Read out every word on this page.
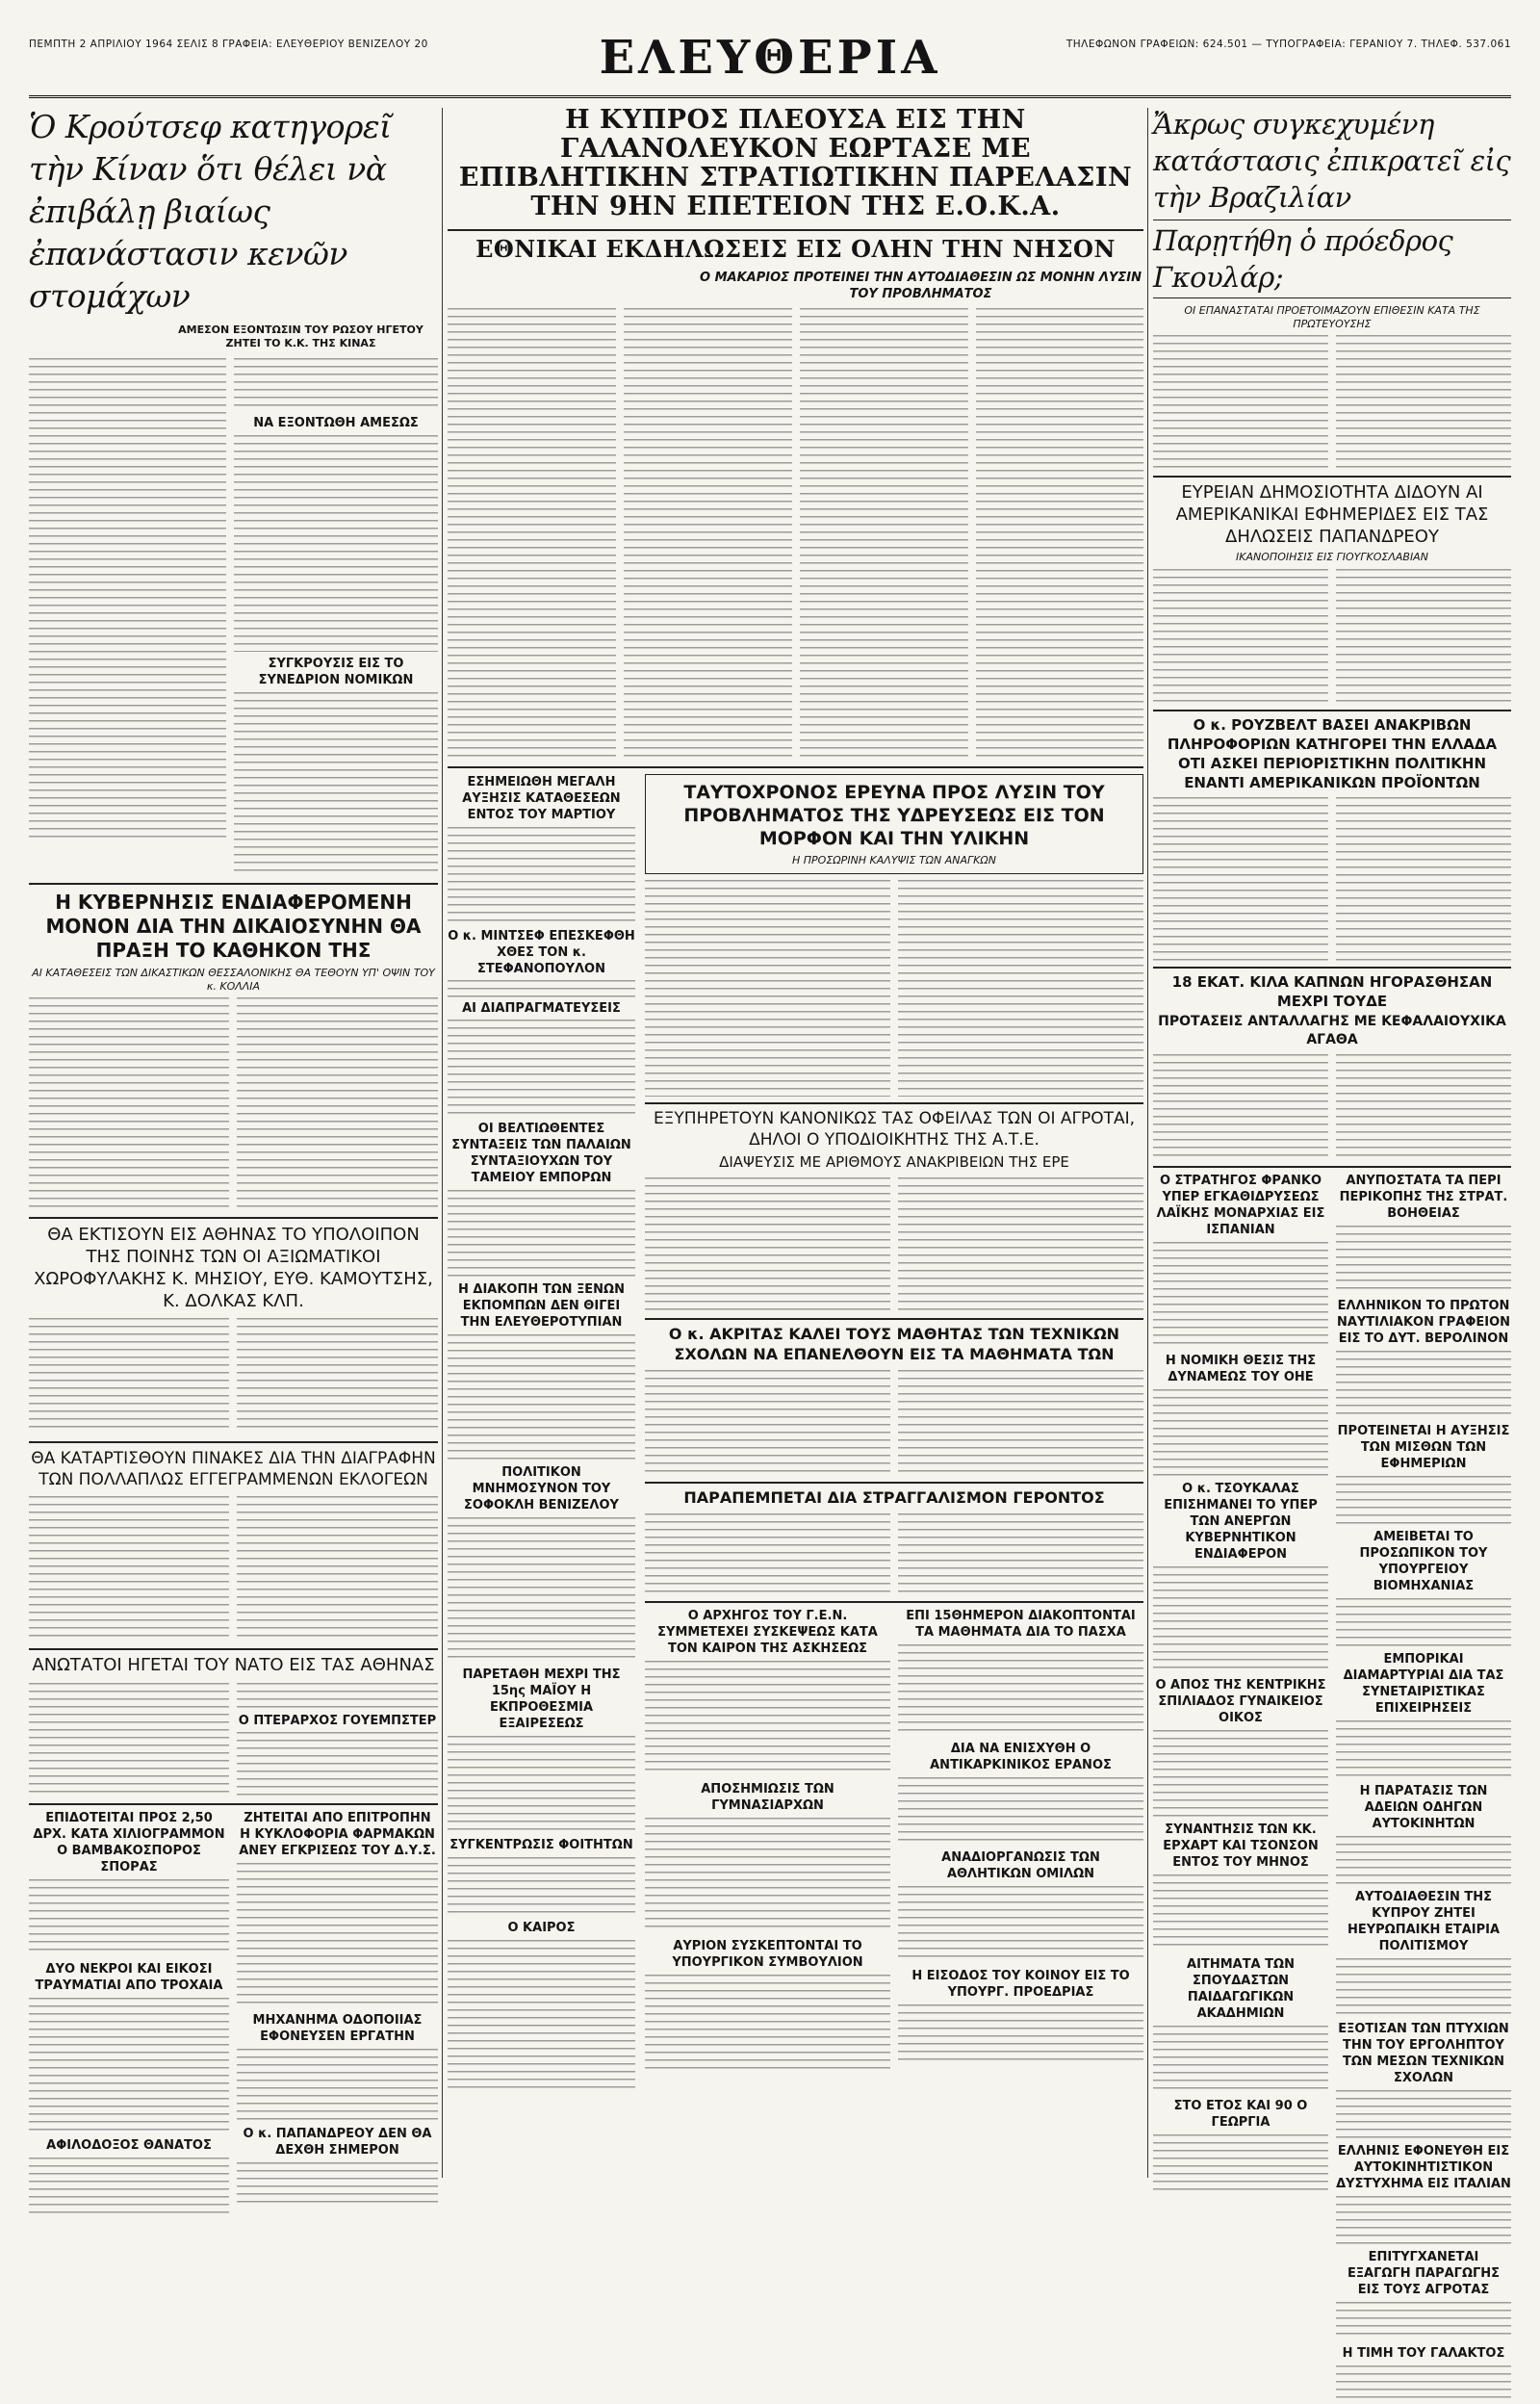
ΠΕΜΠΤΗ 2 ΑΠΡΙΛΙΟΥ 1964 ΣΕΛΙΣ 8 ΓΡΑΦΕΙΑ: ΕΛΕΥΘΕΡΙΟΥ ΒΕΝΙΖΕΛΟΥ 20	ΕΛΕΥΘΕΡΙΑ	ΤΗΛΕΦΩΝΟΝ ΓΡΑΦΕΙΩΝ: 624.501 — ΤΥΠΟΓΡΑΦΕΙΑ: ΓΕΡΑΝΙΟΥ 7. ΤΗΛΕΦ. 537.061
Ὁ Κρούτσεφ κατηγορεῖ τὴν Κίναν ὅτι θέλει νὰ ἐπιβάλῃ βιαίως ἐπανάστασιν κενῶν στομάχων
ΑΜΕΣΟΝ ΕΞΟΝΤΩΣΙΝ ΤΟΥ ΡΩΣΟΥ ΗΓΕΤΟΥ ΖΗΤΕΙ ΤΟ Κ.Κ. ΤΗΣ ΚΙΝΑΣ
ΝΑ ΕΞΟΝΤΩΘΗ ΑΜΕΣΩΣ
ΣΥΓΚΡΟΥΣΙΣ ΕΙΣ ΤΟ ΣΥΝΕΔΡΙΟΝ ΝΟΜΙΚΩΝ
Η ΚΥΒΕΡΝΗΣΙΣ ΕΝΔΙΑΦΕΡΟΜΕΝΗ ΜΟΝΟΝ ΔΙΑ ΤΗΝ ΔΙΚΑΙΟΣΥΝΗΝ ΘΑ ΠΡΑΞΗ ΤΟ ΚΑΘΗΚΟΝ ΤΗΣ
ΑΙ ΚΑΤΑΘΕΣΕΙΣ ΤΩΝ ΔΙΚΑΣΤΙΚΩΝ ΘΕΣΣΑΛΟΝΙΚΗΣ ΘΑ ΤΕΘΟΥΝ ΥΠ' ΟΨΙΝ ΤΟΥ κ. ΚΟΛΛΙΑ
ΘΑ ΕΚΤΙΣΟΥΝ ΕΙΣ ΑΘΗΝΑΣ ΤΟ ΥΠΟΛΟΙΠΟΝ ΤΗΣ ΠΟΙΝΗΣ ΤΩΝ ΟΙ ΑΞΙΩΜΑΤΙΚΟΙ ΧΩΡΟΦΥΛΑΚΗΣ Κ. ΜΗΣΙΟΥ, ΕΥΘ. ΚΑΜΟΥΤΣΗΣ, Κ. ΔΟΛΚΑΣ ΚΛΠ.
ΘΑ ΚΑΤΑΡΤΙΣΘΟΥΝ ΠΙΝΑΚΕΣ ΔΙΑ ΤΗΝ ΔΙΑΓΡΑΦΗΝ ΤΩΝ ΠΟΛΛΑΠΛΩΣ ΕΓΓΕΓΡΑΜΜΕΝΩΝ ΕΚΛΟΓΕΩΝ
ΑΝΩΤΑΤΟΙ ΗΓΕΤΑΙ ΤΟΥ ΝΑΤΟ ΕΙΣ ΤΑΣ ΑΘΗΝΑΣ
Ο ΠΤΕΡΑΡΧΟΣ ΓΟΥΕΜΠΣΤΕΡ
ΕΠΙΔΟΤΕΙΤΑΙ ΠΡΟΣ 2,50 ΔΡΧ. ΚΑΤΑ ΧΙΛΙΟΓΡΑΜΜΟΝ Ο ΒΑΜΒΑΚΟΣΠΟΡΟΣ ΣΠΟΡΑΣ
ΔΥΟ ΝΕΚΡΟΙ ΚΑΙ ΕΙΚΟΣΙ ΤΡΑΥΜΑΤΙΑΙ ΑΠΟ ΤΡΟΧΑΙΑ
ΑΦΙΛΟΔΟΞΟΣ ΘΑΝΑΤΟΣ
ΖΗΤΕΙΤΑΙ ΑΠΟ ΕΠΙΤΡΟΠΗΝ Η ΚΥΚΛΟΦΟΡΙΑ ΦΑΡΜΑΚΩΝ ΑΝΕΥ ΕΓΚΡΙΣΕΩΣ ΤΟΥ Δ.Υ.Σ.
ΜΗΧΑΝΗΜΑ ΟΔΟΠΟΙΙΑΣ ΕΦΟΝΕΥΣΕΝ ΕΡΓΑΤΗΝ
Ο κ. ΠΑΠΑΝΔΡΕΟΥ ΔΕΝ ΘΑ ΔΕΧΘΗ ΣΗΜΕΡΟΝ
Η ΚΥΠΡΟΣ ΠΛΕΟΥΣΑ ΕΙΣ ΤΗΝ ΓΑΛΑΝΟΛΕΥΚΟΝ ΕΩΡΤΑΣΕ ΜΕ ΕΠΙΒΛΗΤΙΚΗΝ ΣΤΡΑΤΙΩΤΙΚΗΝ ΠΑΡΕΛΑΣΙΝ ΤΗΝ 9ΗΝ ΕΠΕΤΕΙΟΝ ΤΗΣ Ε.Ο.Κ.Α.
ΕΘΝΙΚΑΙ ΕΚΔΗΛΩΣΕΙΣ ΕΙΣ ΟΛΗΝ ΤΗΝ ΝΗΣΟΝ
Ο ΜΑΚΑΡΙΟΣ ΠΡΟΤΕΙΝΕΙ ΤΗΝ ΑΥΤΟΔΙΑΘΕΣΙΝ ΩΣ ΜΟΝΗΝ ΛΥΣΙΝ ΤΟΥ ΠΡΟΒΛΗΜΑΤΟΣ
ΕΣΗΜΕΙΩΘΗ ΜΕΓΑΛΗ ΑΥΞΗΣΙΣ ΚΑΤΑΘΕΣΕΩΝ ΕΝΤΟΣ ΤΟΥ ΜΑΡΤΙΟΥ
Ο κ. ΜΙΝΤΣΕΦ ΕΠΕΣΚΕΦΘΗ ΧΘΕΣ ΤΟΝ κ. ΣΤΕΦΑΝΟΠΟΥΛΟΝ
ΑΙ ΔΙΑΠΡΑΓΜΑΤΕΥΣΕΙΣ
ΟΙ ΒΕΛΤΙΩΘΕΝΤΕΣ ΣΥΝΤΑΞΕΙΣ ΤΩΝ ΠΑΛΑΙΩΝ ΣΥΝΤΑΞΙΟΥΧΩΝ ΤΟΥ ΤΑΜΕΙΟΥ ΕΜΠΟΡΩΝ
Η ΔΙΑΚΟΠΗ ΤΩΝ ΞΕΝΩΝ ΕΚΠΟΜΠΩΝ ΔΕΝ ΘΙΓΕΙ ΤΗΝ ΕΛΕΥΘΕΡΟΤΥΠΙΑΝ
ΠΟΛΙΤΙΚΟΝ ΜΝΗΜΟΣΥΝΟΝ ΤΟΥ ΣΟΦΟΚΛΗ ΒΕΝΙΖΕΛΟΥ
ΠΑΡΕΤΑΘΗ ΜΕΧΡΙ ΤΗΣ 15ης ΜΑΪΟΥ Η ΕΚΠΡΟΘΕΣΜΙΑ ΕΞΑΙΡΕΣΕΩΣ
ΣΥΓΚΕΝΤΡΩΣΙΣ ΦΟΙΤΗΤΩΝ
Ο ΚΑΙΡΟΣ
ΤΑΥΤΟΧΡΟΝΟΣ ΕΡΕΥΝΑ ΠΡΟΣ ΛΥΣΙΝ ΤΟΥ ΠΡΟΒΛΗΜΑΤΟΣ ΤΗΣ ΥΔΡΕΥΣΕΩΣ ΕΙΣ ΤΟΝ ΜΟΡΦΟΝ ΚΑΙ ΤΗΝ ΥΛΙΚΗΝ
Η ΠΡΟΣΩΡΙΝΗ ΚΑΛΥΨΙΣ ΤΩΝ ΑΝΑΓΚΩΝ
ΕΞΥΠΗΡΕΤΟΥΝ ΚΑΝΟΝΙΚΩΣ ΤΑΣ ΟΦΕΙΛΑΣ ΤΩΝ ΟΙ ΑΓΡΟΤΑΙ, ΔΗΛΟΙ Ο ΥΠΟΔΙΟΙΚΗΤΗΣ ΤΗΣ Α.Τ.Ε.
ΔΙΑΨΕΥΣΙΣ ΜΕ ΑΡΙΘΜΟΥΣ ΑΝΑΚΡΙΒΕΙΩΝ ΤΗΣ ΕΡΕ
Ο κ. ΑΚΡΙΤΑΣ ΚΑΛΕΙ ΤΟΥΣ ΜΑΘΗΤΑΣ ΤΩΝ ΤΕΧΝΙΚΩΝ ΣΧΟΛΩΝ ΝΑ ΕΠΑΝΕΛΘΟΥΝ ΕΙΣ ΤΑ ΜΑΘΗΜΑΤΑ ΤΩΝ
ΠΑΡΑΠΕΜΠΕΤΑΙ ΔΙΑ ΣΤΡΑΓΓΑΛΙΣΜΟΝ ΓΕΡΟΝΤΟΣ
Ο ΑΡΧΗΓΟΣ ΤΟΥ Γ.Ε.Ν. ΣΥΜΜΕΤΕΧΕΙ ΣΥΣΚΕΨΕΩΣ ΚΑΤΑ ΤΟΝ ΚΑΙΡΟΝ ΤΗΣ ΑΣΚΗΣΕΩΣ
ΑΠΟΣΗΜΙΩΣΙΣ ΤΩΝ ΓΥΜΝΑΣΙΑΡΧΩΝ
ΑΥΡΙΟΝ ΣΥΣΚΕΠΤΟΝΤΑΙ ΤΟ ΥΠΟΥΡΓΙΚΟΝ ΣΥΜΒΟΥΛΙΟΝ
ΕΠΙ 15ΘΗΜΕΡΟΝ ΔΙΑΚΟΠΤΟΝΤΑΙ ΤΑ ΜΑΘΗΜΑΤΑ ΔΙΑ ΤΟ ΠΑΣΧΑ
ΔΙΑ ΝΑ ΕΝΙΣΧΥΘΗ Ο ΑΝΤΙΚΑΡΚΙΝΙΚΟΣ ΕΡΑΝΟΣ
ΑΝΑΔΙΟΡΓΑΝΩΣΙΣ ΤΩΝ ΑΘΛΗΤΙΚΩΝ ΟΜΙΛΩΝ
Η ΕΙΣΟΔΟΣ ΤΟΥ ΚΟΙΝΟΥ ΕΙΣ ΤΟ ΥΠΟΥΡΓ. ΠΡΟΕΔΡΙΑΣ
Ἄκρως συγκεχυμένη κατάστασις ἐπικρατεῖ εἰς τὴν Βραζιλίαν
Παρῃτήθη ὁ πρόεδρος Γκουλάρ;
ΟΙ ΕΠΑΝΑΣΤΑΤΑΙ ΠΡΟΕΤΟΙΜΑΖΟΥΝ ΕΠΙΘΕΣΙΝ ΚΑΤΑ ΤΗΣ ΠΡΩΤΕΥΟΥΣΗΣ
ΕΥΡΕΙΑΝ ΔΗΜΟΣΙΟΤΗΤΑ ΔΙΔΟΥΝ ΑΙ ΑΜΕΡΙΚΑΝΙΚΑΙ ΕΦΗΜΕΡΙΔΕΣ ΕΙΣ ΤΑΣ ΔΗΛΩΣΕΙΣ ΠΑΠΑΝΔΡΕΟΥ
ΙΚΑΝΟΠΟΙΗΣΙΣ ΕΙΣ ΓΙΟΥΓΚΟΣΛΑΒΙΑΝ
Ο κ. ΡΟΥΖΒΕΛΤ ΒΑΣΕΙ ΑΝΑΚΡΙΒΩΝ ΠΛΗΡΟΦΟΡΙΩΝ ΚΑΤΗΓΟΡΕΙ ΤΗΝ ΕΛΛΑΔΑ ΟΤΙ ΑΣΚΕΙ ΠΕΡΙΟΡΙΣΤΙΚΗΝ ΠΟΛΙΤΙΚΗΝ ΕΝΑΝΤΙ ΑΜΕΡΙΚΑΝΙΚΩΝ ΠΡΟΪΟΝΤΩΝ
18 ΕΚΑΤ. ΚΙΛΑ ΚΑΠΝΩΝ ΗΓΟΡΑΣΘΗΣΑΝ ΜΕΧΡΙ ΤΟΥΔΕ
ΠΡΟΤΑΣΕΙΣ ΑΝΤΑΛΛΑΓΗΣ ΜΕ ΚΕΦΑΛΑΙΟΥΧΙΚΑ ΑΓΑΘΑ
Ο ΣΤΡΑΤΗΓΟΣ ΦΡΑΝΚΟ ΥΠΕΡ ΕΓΚΑΘΙΔΡΥΣΕΩΣ ΛΑΪΚΗΣ ΜΟΝΑΡΧΙΑΣ ΕΙΣ ΙΣΠΑΝΙΑΝ
Η ΝΟΜΙΚΗ ΘΕΣΙΣ ΤΗΣ ΔΥΝΑΜΕΩΣ ΤΟΥ ΟΗΕ
Ο κ. ΤΣΟΥΚΑΛΑΣ ΕΠΙΣΗΜΑΝΕΙ ΤΟ ΥΠΕΡ ΤΩΝ ΑΝΕΡΓΩΝ ΚΥΒΕΡΝΗΤΙΚΟΝ ΕΝΔΙΑΦΕΡΟΝ
Ο ΑΠΟΣ ΤΗΣ ΚΕΝΤΡΙΚΗΣ ΣΠΙΛΙΑΔΟΣ ΓΥΝΑΙΚΕΙΟΣ ΟΙΚΟΣ
ΣΥΝΑΝΤΗΣΙΣ ΤΩΝ ΚΚ. ΕΡΧΑΡΤ ΚΑΙ ΤΣΟΝΣΟΝ ΕΝΤΟΣ ΤΟΥ ΜΗΝΟΣ
ΑΙΤΗΜΑΤΑ ΤΩΝ ΣΠΟΥΔΑΣΤΩΝ ΠΑΙΔΑΓΩΓΙΚΩΝ ΑΚΑΔΗΜΙΩΝ
ΣΤΟ ΕΤΟΣ ΚΑΙ 90 Ο ΓΕΩΡΓΙΑ
ΑΝΥΠΟΣΤΑΤΑ ΤΑ ΠΕΡΙ ΠΕΡΙΚΟΠΗΣ ΤΗΣ ΣΤΡΑΤ. ΒΟΗΘΕΙΑΣ
ΕΛΛΗΝΙΚΟΝ ΤΟ ΠΡΩΤΟΝ ΝΑΥΤΙΛΙΑΚΟΝ ΓΡΑΦΕΙΟΝ ΕΙΣ ΤΟ ΔΥΤ. ΒΕΡΟΛΙΝΟΝ
ΠΡΟΤΕΙΝΕΤΑΙ Η ΑΥΞΗΣΙΣ ΤΩΝ ΜΙΣΘΩΝ ΤΩΝ ΕΦΗΜΕΡΙΩΝ
ΑΜΕΙΒΕΤΑΙ ΤΟ ΠΡΟΣΩΠΙΚΟΝ ΤΟΥ ΥΠΟΥΡΓΕΙΟΥ ΒΙΟΜΗΧΑΝΙΑΣ
ΕΜΠΟΡΙΚΑΙ ΔΙΑΜΑΡΤΥΡΙΑΙ ΔΙΑ ΤΑΣ ΣΥΝΕΤΑΙΡΙΣΤΙΚΑΣ ΕΠΙΧΕΙΡΗΣΕΙΣ
Η ΠΑΡΑΤΑΣΙΣ ΤΩΝ ΑΔΕΙΩΝ ΟΔΗΓΩΝ ΑΥΤΟΚΙΝΗΤΩΝ
ΑΥΤΟΔΙΑΘΕΣΙΝ ΤΗΣ ΚΥΠΡΟΥ ΖΗΤΕΙ ΗΕΥΡΩΠΑΙΚΗ ΕΤΑΙΡΙΑ ΠΟΛΙΤΙΣΜΟΥ
ΕΞΟΤΙΣΑΝ ΤΩΝ ΠΤΥΧΙΩΝ ΤΗΝ ΤΟΥ ΕΡΓΟΛΗΠΤΟΥ ΤΩΝ ΜΕΣΩΝ ΤΕΧΝΙΚΩΝ ΣΧΟΛΩΝ
ΕΛΛΗΝΙΣ ΕΦΟΝΕΥΘΗ ΕΙΣ ΑΥΤΟΚΙΝΗΤΙΣΤΙΚΟΝ ΔΥΣΤΥΧΗΜΑ ΕΙΣ ΙΤΑΛΙΑΝ
ΕΠΙΤΥΓΧΑΝΕΤΑΙ ΕΞΑΓΩΓΗ ΠΑΡΑΓΩΓΗΣ ΕΙΣ ΤΟΥΣ ΑΓΡΟΤΑΣ
Η ΤΙΜΗ ΤΟΥ ΓΑΛΑΚΤΟΣ
